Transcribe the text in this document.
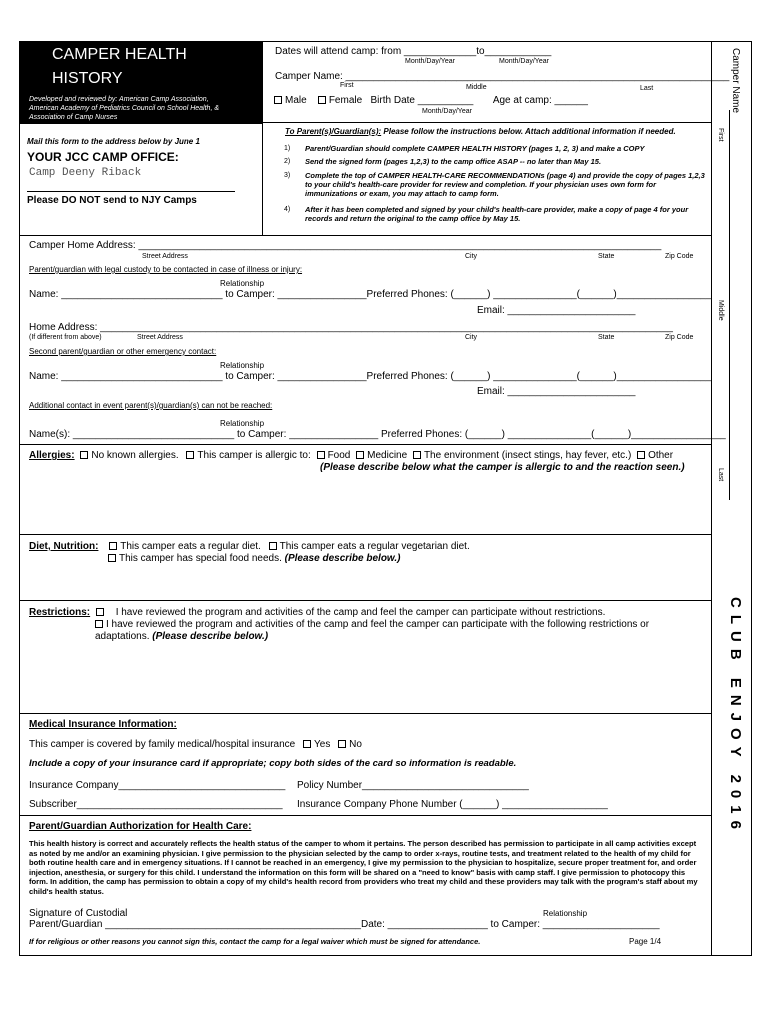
CAMPER HEALTH
HISTORY
Developed and reviewed by: American Camp Association,
American Academy of Pediatrics Council on School Health, &
Association of Camp Nurses
Mail this form to the address below by June 1
YOUR JCC CAMP OFFICE:
Camp Deeny Riback
Please DO NOT send to NJY Camps
Dates will attend camp: from _____________to____________
Month/Day/Year	Month/Day/Year
Camper Name: _____________________________________________________________________
First	Middle	Last
Male Female Birth Date __________ Age at camp: ______
Month/Day/Year
To Parent(s)/Guardian(s): Please follow the instructions below. Attach additional information if needed.
1) Parent/Guardian should complete CAMPER HEALTH HISTORY (pages 1, 2, 3) and make a COPY
2) Send the signed form (pages 1,2,3) to the camp office ASAP -- no later than May 15.
3) Complete the top of CAMPER HEALTH-CARE RECOMMENDATIONs (page 4) and provide the copy of pages 1,2,3 to your child's health-care provider for review and completion. If your physician uses own form for immunizations or exam, you may attach to camp form.
4) After it has been completed and signed by your child's health-care provider, make a copy of page 4 for your records and return the original to the camp office by May 15.
Camper Name
First
Middle
Last
CLUB ENJOY 2016
Camper Home Address: ______________________________________________________________________________________________
Street Address	City	State	Zip Code
Parent/guardian with legal custody to be contacted in case of illness or injury:
Relationship
Name: _____________________________ to Camper: ________________Preferred Phones: (______) _______________(______)_________________
Email: _______________________
Home Address: _______________________________________________________________________________________________________
(If different from above)	Street Address	City	State	Zip Code
Second parent/guardian or other emergency contact:
Relationship
Name: _____________________________ to Camper: ________________Preferred Phones: (______) _______________(______)_________________
Email: _______________________
Additional contact in event parent(s)/guardian(s) can not be reached:
Relationship
Name(s): _____________________________ to Camper: ________________ Preferred Phones: (______) _______________(______)_________________
Allergies: No known allergies. This camper is allergic to: Food Medicine The environment (insect stings, hay fever, etc.) Other
(Please describe below what the camper is allergic to and the reaction seen.)
Diet, Nutrition: This camper eats a regular diet. This camper eats a regular vegetarian diet.
This camper has special food needs. (Please describe below.)
Restrictions:	I have reviewed the program and activities of the camp and feel the camper can participate without restrictions.
I have reviewed the program and activities of the camp and feel the camper can participate with the following restrictions or
adaptations. (Please describe below.)
Medical Insurance Information:
This camper is covered by family medical/hospital insurance Yes No
Include a copy of your insurance card if appropriate; copy both sides of the card so information is readable.
Insurance Company______________________________ Policy Number______________________________
Subscriber_____________________________________ Insurance Company Phone Number (______) ___________________
Parent/Guardian Authorization for Health Care:
This health history is correct and accurately reflects the health status of the camper to whom it pertains. The person described has permission to participate in all camp activities except as noted by me and/or an examining physician. I give permission to the physician selected by the camp to order x-rays, routine tests, and treatment related to the health of my child for both routine health care and in emergency situations. If I cannot be reached in an emergency, I give my permission to the physician to hospitalize, secure proper treatment for, and order injection, anesthesia, or surgery for this child. I understand the information on this form will be shared on a "need to know" basis with camp staff. I give permission to photocopy this form. In addition, the camp has permission to obtain a copy of my child's health record from providers who treat my child and these providers may talk with the program's staff about my child's health status.
Signature of Custodial	Relationship
Parent/Guardian ______________________________________________Date: __________________ to Camper: _____________________
If for religious or other reasons you cannot sign this, contact the camp for a legal waiver which must be signed for attendance.	Page 1/4
